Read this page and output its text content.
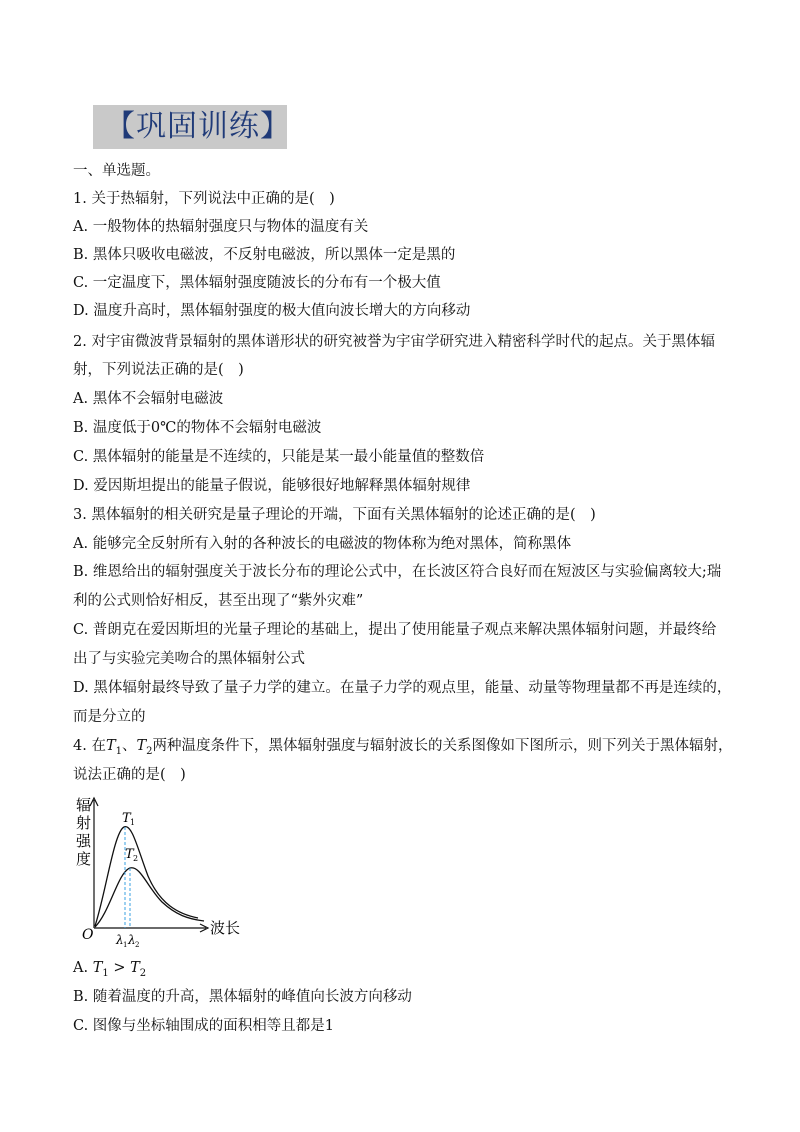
【巩固训练】
一、单选题。
1. 关于热辐射，下列说法中正确的是(　)
A. 一般物体的热辐射强度只与物体的温度有关
B. 黑体只吸收电磁波，不反射电磁波，所以黑体一定是黑的
C. 一定温度下，黑体辐射强度随波长的分布有一个极大值
D. 温度升高时，黑体辐射强度的极大值向波长增大的方向移动
2. 对宇宙微波背景辐射的黑体谱形状的研究被誉为宇宙学研究进入精密科学时代的起点。关于黑体辐
射，下列说法正确的是(　)
A. 黑体不会辐射电磁波
B. 温度低于0℃的物体不会辐射电磁波
C. 黑体辐射的能量是不连续的，只能是某一最小能量值的整数倍
D. 爱因斯坦提出的能量子假说，能够很好地解释黑体辐射规律
3. 黑体辐射的相关研究是量子理论的开端，下面有关黑体辐射的论述正确的是(　)
A. 能够完全反射所有入射的各种波长的电磁波的物体称为绝对黑体，简称黑体
B. 维恩给出的辐射强度关于波长分布的理论公式中，在长波区符合良好而在短波区与实验偏离较大;瑞
利的公式则恰好相反，甚至出现了“紫外灾难”
C. 普朗克在爱因斯坦的光量子理论的基础上，提出了使用能量子观点来解决黑体辐射问题，并最终给
出了与实验完美吻合的黑体辐射公式
D. 黑体辐射最终导致了量子力学的建立。在量子力学的观点里，能量、动量等物理量都不再是连续的，
而是分立的
4. 在$T_1$、$T_2$两种温度条件下，黑体辐射强度与辐射波长的关系图像如下图所示，则下列关于黑体辐射，
说法正确的是(　)
辐
射
强
度
T 1
T 2
O	波长
λ 1 λ 2
A. $T_1 > T_2$
B. 随着温度的升高，黑体辐射的峰值向长波方向移动
C. 图像与坐标轴围成的面积相等且都是1
